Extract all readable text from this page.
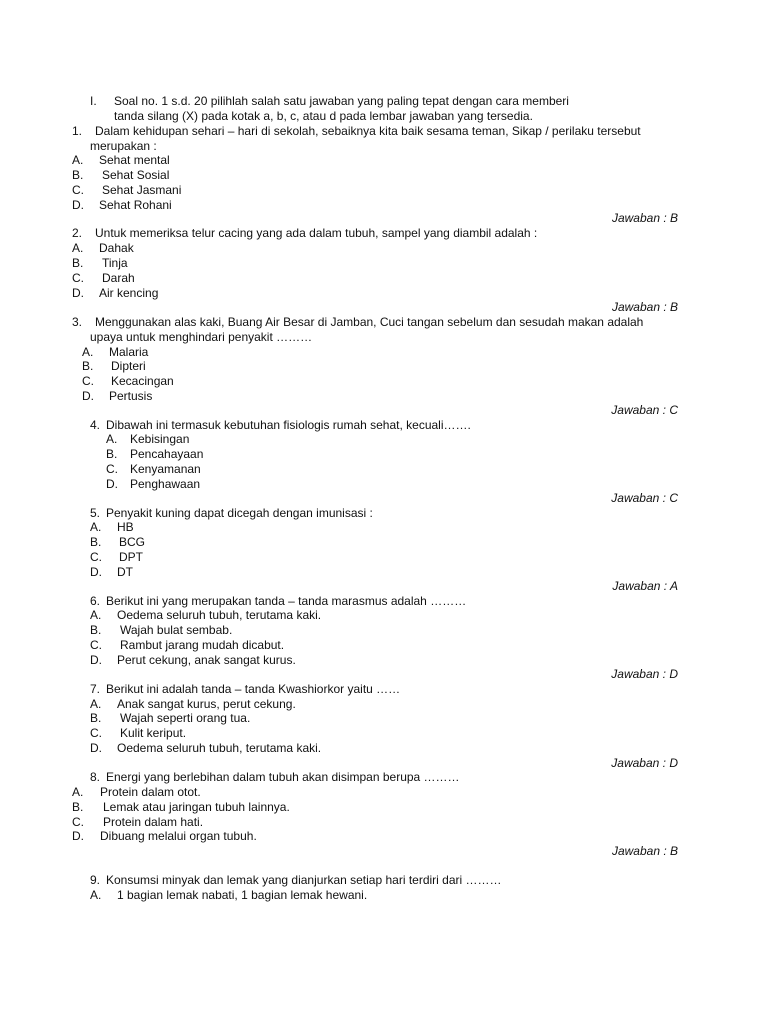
I. Soal no. 1 s.d. 20 pilihlah salah satu jawaban yang paling tepat dengan cara memberi
tanda silang (X) pada kotak a, b, c, atau d pada lembar jawaban yang tersedia.
1. Dalam kehidupan sehari – hari di sekolah, sebaiknya kita baik sesama teman, Sikap / perilaku tersebut
merupakan :
A. Sehat mental
B. Sehat Sosial
C. Sehat Jasmani
D. Sehat Rohani
Jawaban : B
2. Untuk memeriksa telur cacing yang ada dalam tubuh, sampel yang diambil adalah :
A. Dahak
B. Tinja
C. Darah
D. Air kencing
Jawaban : B
3. Menggunakan alas kaki, Buang Air Besar di Jamban, Cuci tangan sebelum dan sesudah makan adalah
upaya untuk menghindari penyakit ………
A. Malaria
B. Dipteri
C. Kecacingan
D. Pertusis
Jawaban : C
4. Dibawah ini termasuk kebutuhan fisiologis rumah sehat, kecuali…….
A. Kebisingan
B. Pencahayaan
C. Kenyamanan
D. Penghawaan
Jawaban : C
5. Penyakit kuning dapat dicegah dengan imunisasi :
A. HB
B. BCG
C. DPT
D. DT
Jawaban : A
6. Berikut ini yang merupakan tanda – tanda marasmus adalah ………
A. Oedema seluruh tubuh, terutama kaki.
B. Wajah bulat sembab.
C. Rambut jarang mudah dicabut.
D. Perut cekung, anak sangat kurus.
Jawaban : D
7. Berikut ini adalah tanda – tanda Kwashiorkor yaitu ……
A. Anak sangat kurus, perut cekung.
B. Wajah seperti orang tua.
C. Kulit keriput.
D. Oedema seluruh tubuh, terutama kaki.
Jawaban : D
8. Energi yang berlebihan dalam tubuh akan disimpan berupa ………
A. Protein dalam otot.
B. Lemak atau jaringan tubuh lainnya.
C. Protein dalam hati.
D. Dibuang melalui organ tubuh.
Jawaban : B
9. Konsumsi minyak dan lemak yang dianjurkan setiap hari terdiri dari ………
A. 1 bagian lemak nabati, 1 bagian lemak hewani.
